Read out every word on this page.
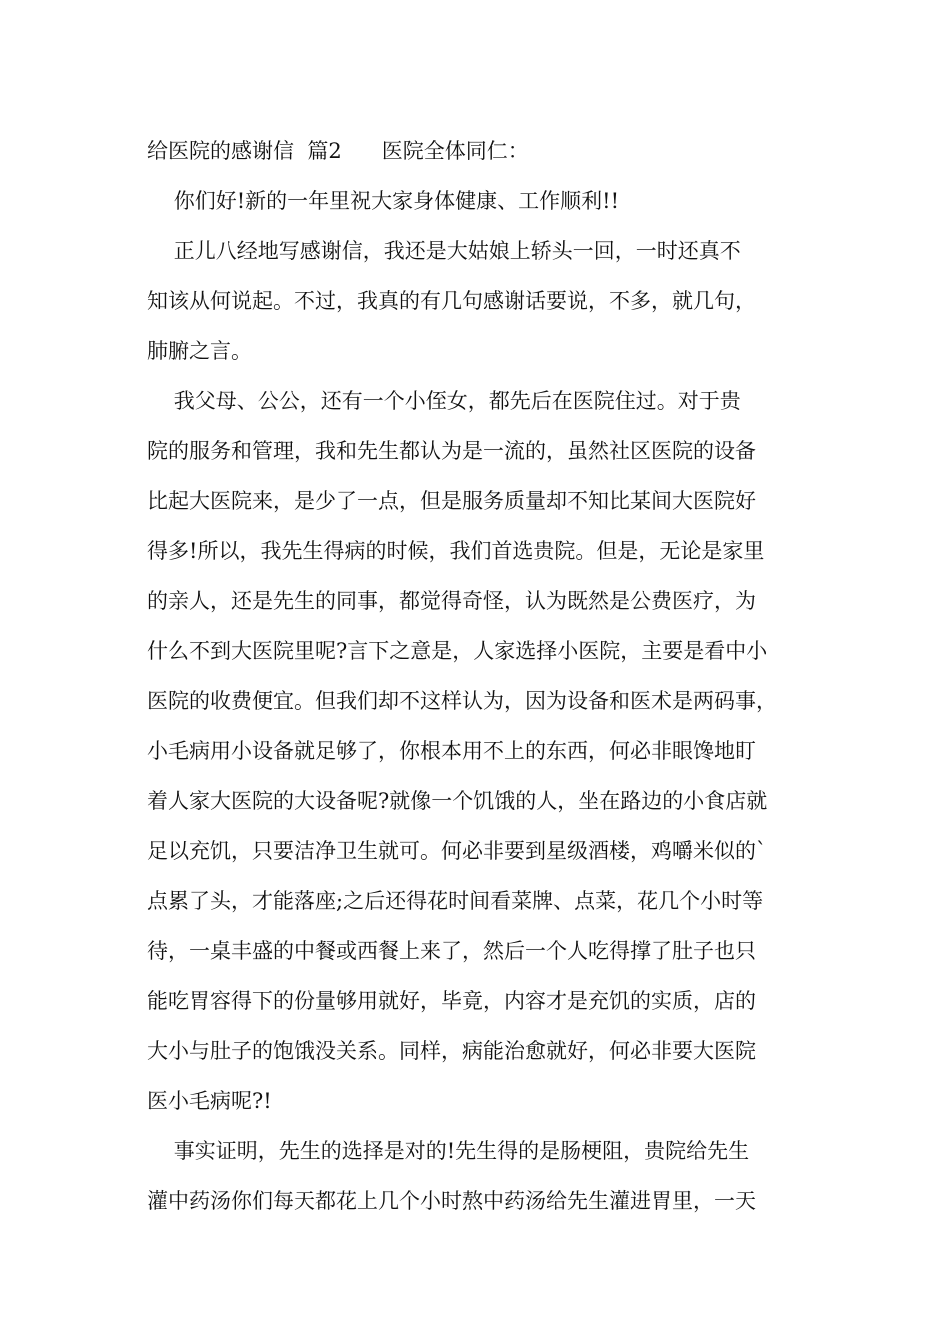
给医院的感谢信  篇2      医院全体同仁：
你们好!新的一年里祝大家身体健康、工作顺利!!
正儿八经地写感谢信，我还是大姑娘上轿头一回，一时还真不
知该从何说起。不过，我真的有几句感谢话要说，不多，就几句，
肺腑之言。
我父母、公公，还有一个小侄女，都先后在医院住过。对于贵
院的服务和管理，我和先生都认为是一流的，虽然社区医院的设备
比起大医院来，是少了一点，但是服务质量却不知比某间大医院好
得多!所以，我先生得病的时候，我们首选贵院。但是，无论是家里
的亲人，还是先生的同事，都觉得奇怪，认为既然是公费医疗，为
什么不到大医院里呢?言下之意是，人家选择小医院，主要是看中小
医院的收费便宜。但我们却不这样认为，因为设备和医术是两码事，
小毛病用小设备就足够了，你根本用不上的东西，何必非眼馋地盯
着人家大医院的大设备呢?就像一个饥饿的人，坐在路边的小食店就
足以充饥，只要洁净卫生就可。何必非要到星级酒楼，鸡嚼米似的`
点累了头，才能落座;之后还得花时间看菜牌、点菜，花几个小时等
待，一桌丰盛的中餐或西餐上来了，然后一个人吃得撑了肚子也只
能吃胃容得下的份量够用就好，毕竟，内容才是充饥的实质，店的
大小与肚子的饱饿没关系。同样，病能治愈就好，何必非要大医院
医小毛病呢?!
事实证明，先生的选择是对的!先生得的是肠梗阻，贵院给先生
灌中药汤你们每天都花上几个小时熬中药汤给先生灌进胃里，一天
